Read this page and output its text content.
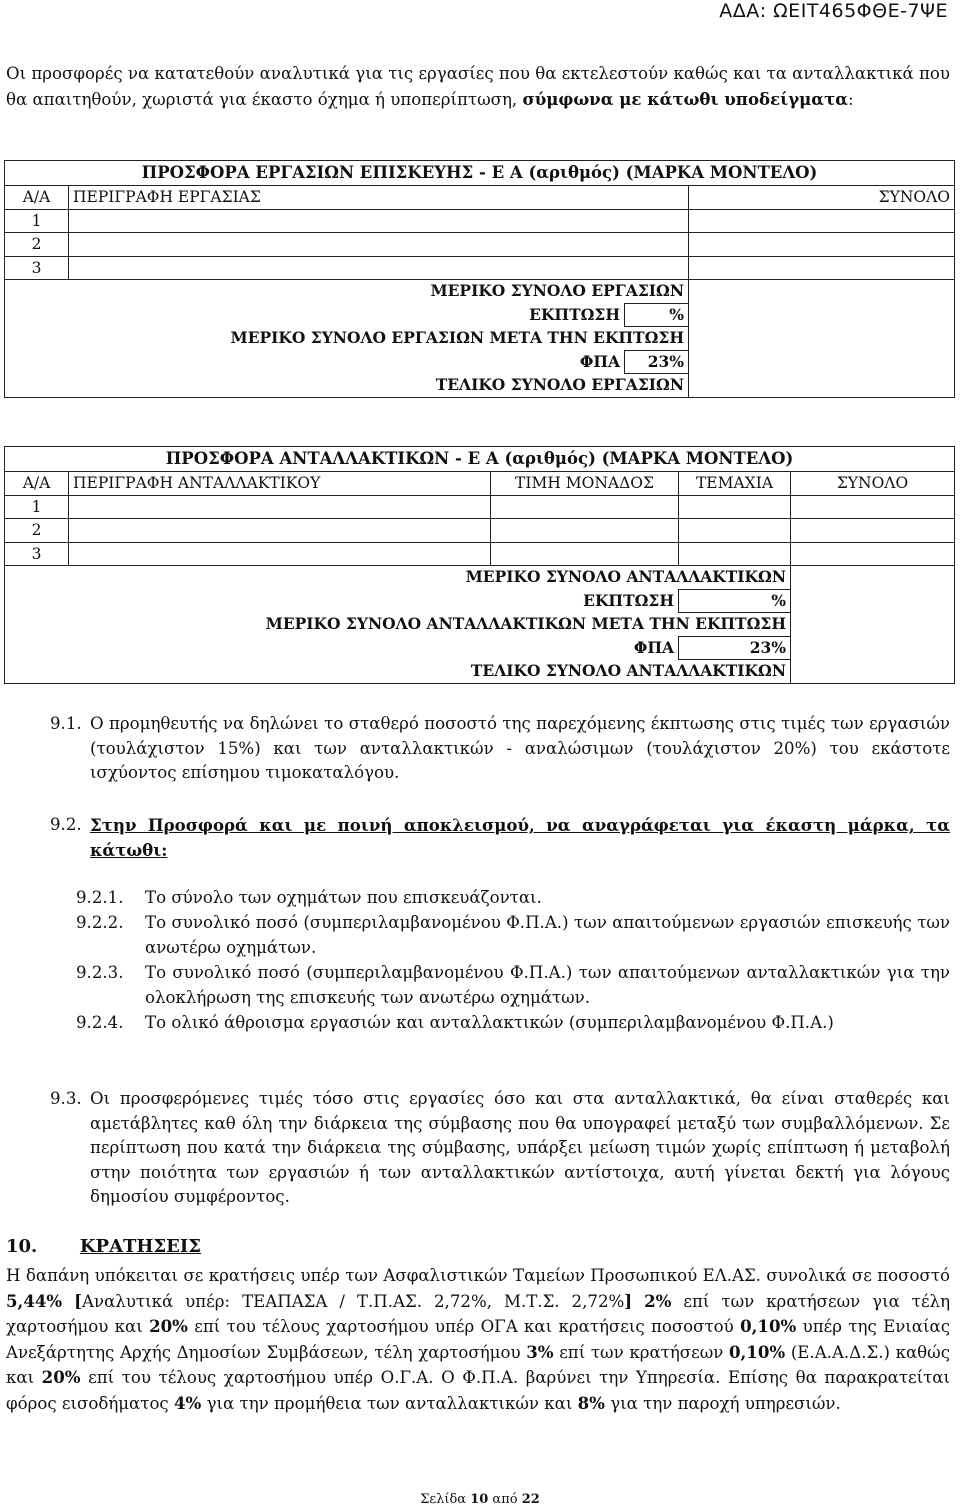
ΑΔΑ: ΩΕΙΤ465ΦΘΕ-7ΨΕ
Οι προσφορές να κατατεθούν αναλυτικά για τις εργασίες που θα εκτελεστούν καθώς και τα ανταλλακτικά που θα απαιτηθούν, χωριστά για έκαστο όχημα ή υποπερίπτωση, σύμφωνα με κάτωθι υποδείγματα:
ΠΡΟΣΦΟΡΑ ΕΡΓΑΣΙΩΝ ΕΠΙΣΚΕΥΗΣ - Ε Α (αριθμός) (ΜΑΡΚΑ ΜΟΝΤΕΛΟ)			
Α/Α	ΠΕΡΙΓΡΑΦΗ ΕΡΓΑΣΙΑΣ		ΣΥΝΟΛΟ
1			
2			
3			
ΜΕΡΙΚΟ ΣΥΝΟΛΟ ΕΡΓΑΣΙΩΝ			
ΕΚΠΤΩΣΗ		%	
ΜΕΡΙΚΟ ΣΥΝΟΛΟ ΕΡΓΑΣΙΩΝ ΜΕΤΑ ΤΗΝ ΕΚΠΤΩΣΗ			
ΦΠΑ		23%	
ΤΕΛΙΚΟ ΣΥΝΟΛΟ ΕΡΓΑΣΙΩΝ			
ΠΡΟΣΦΟΡΑ ΑΝΤΑΛΛΑΚΤΙΚΩΝ - Ε Α (αριθμός) (ΜΑΡΚΑ ΜΟΝΤΕΛΟ)				
Α/Α	ΠΕΡΙΓΡΑΦΗ ΑΝΤΑΛΛΑΚΤΙΚΟΥ	ΤΙΜΗ ΜΟΝΑΔΟΣ	ΤΕΜΑΧΙΑ	ΣΥΝΟΛΟ
1				
2				
3				
ΜΕΡΙΚΟ ΣΥΝΟΛΟ ΑΝΤΑΛΛΑΚΤΙΚΩΝ				
ΕΚΠΤΩΣΗ			%	
ΜΕΡΙΚΟ ΣΥΝΟΛΟ ΑΝΤΑΛΛΑΚΤΙΚΩΝ ΜΕΤΑ ΤΗΝ ΕΚΠΤΩΣΗ				
ΦΠΑ			23%	
ΤΕΛΙΚΟ ΣΥΝΟΛΟ ΑΝΤΑΛΛΑΚΤΙΚΩΝ				
9.1. Ο προμηθευτής να δηλώνει το σταθερό ποσοστό της παρεχόμενης έκπτωσης στις τιμές των εργασιών (τουλάχιστον 15%) και των ανταλλακτικών - αναλώσιμων (τουλάχιστον 20%) του εκάστοτε ισχύοντος επίσημου τιμοκαταλόγου.
9.2. Στην Προσφορά και με ποινή αποκλεισμού, να αναγράφεται για έκαστη μάρκα, τα κάτωθι:
9.2.1. Το σύνολο των οχημάτων που επισκευάζονται.
9.2.2. Το συνολικό ποσό (συμπεριλαμβανομένου Φ.Π.Α.) των απαιτούμενων εργασιών επισκευής των ανωτέρω οχημάτων.
9.2.3. Το συνολικό ποσό (συμπεριλαμβανομένου Φ.Π.Α.) των απαιτούμενων ανταλλακτικών για την ολοκλήρωση της επισκευής των ανωτέρω οχημάτων.
9.2.4. Το ολικό άθροισμα εργασιών και ανταλλακτικών (συμπεριλαμβανομένου Φ.Π.Α.)
9.3. Οι προσφερόμενες τιμές τόσο στις εργασίες όσο και στα ανταλλακτικά, θα είναι σταθερές και αμετάβλητες καθ όλη την διάρκεια της σύμβασης που θα υπογραφεί μεταξύ των συμβαλλόμενων. Σε περίπτωση που κατά την διάρκεια της σύμβασης, υπάρξει μείωση τιμών χωρίς επίπτωση ή μεταβολή στην ποιότητα των εργασιών ή των ανταλλακτικών αντίστοιχα, αυτή γίνεται δεκτή για λόγους δημοσίου συμφέροντος.
10. ΚΡΑΤΗΣΕΙΣ
Η δαπάνη υπόκειται σε κρατήσεις υπέρ των Ασφαλιστικών Ταμείων Προσωπικού ΕΛ.ΑΣ. συνολικά σε ποσοστό 5,44% [Αναλυτικά υπέρ: ΤΕΑΠΑΣΑ / Τ.Π.ΑΣ. 2,72%, Μ.Τ.Σ. 2,72%] 2% επί των κρατήσεων για τέλη χαρτοσήμου και 20% επί του τέλους χαρτοσήμου υπέρ ΟΓΑ και κρατήσεις ποσοστού 0,10% υπέρ της Ενιαίας Ανεξάρτητης Αρχής Δημοσίων Συμβάσεων, τέλη χαρτοσήμου 3% επί των κρατήσεων 0,10% (Ε.Α.Α.Δ.Σ.) καθώς και 20% επί του τέλους χαρτοσήμου υπέρ Ο.Γ.Α. Ο Φ.Π.Α. βαρύνει την Υπηρεσία. Επίσης θα παρακρατείται φόρος εισοδήματος 4% για την προμήθεια των ανταλλακτικών και 8% για την παροχή υπηρεσιών.
Σελίδα 10 από 22
